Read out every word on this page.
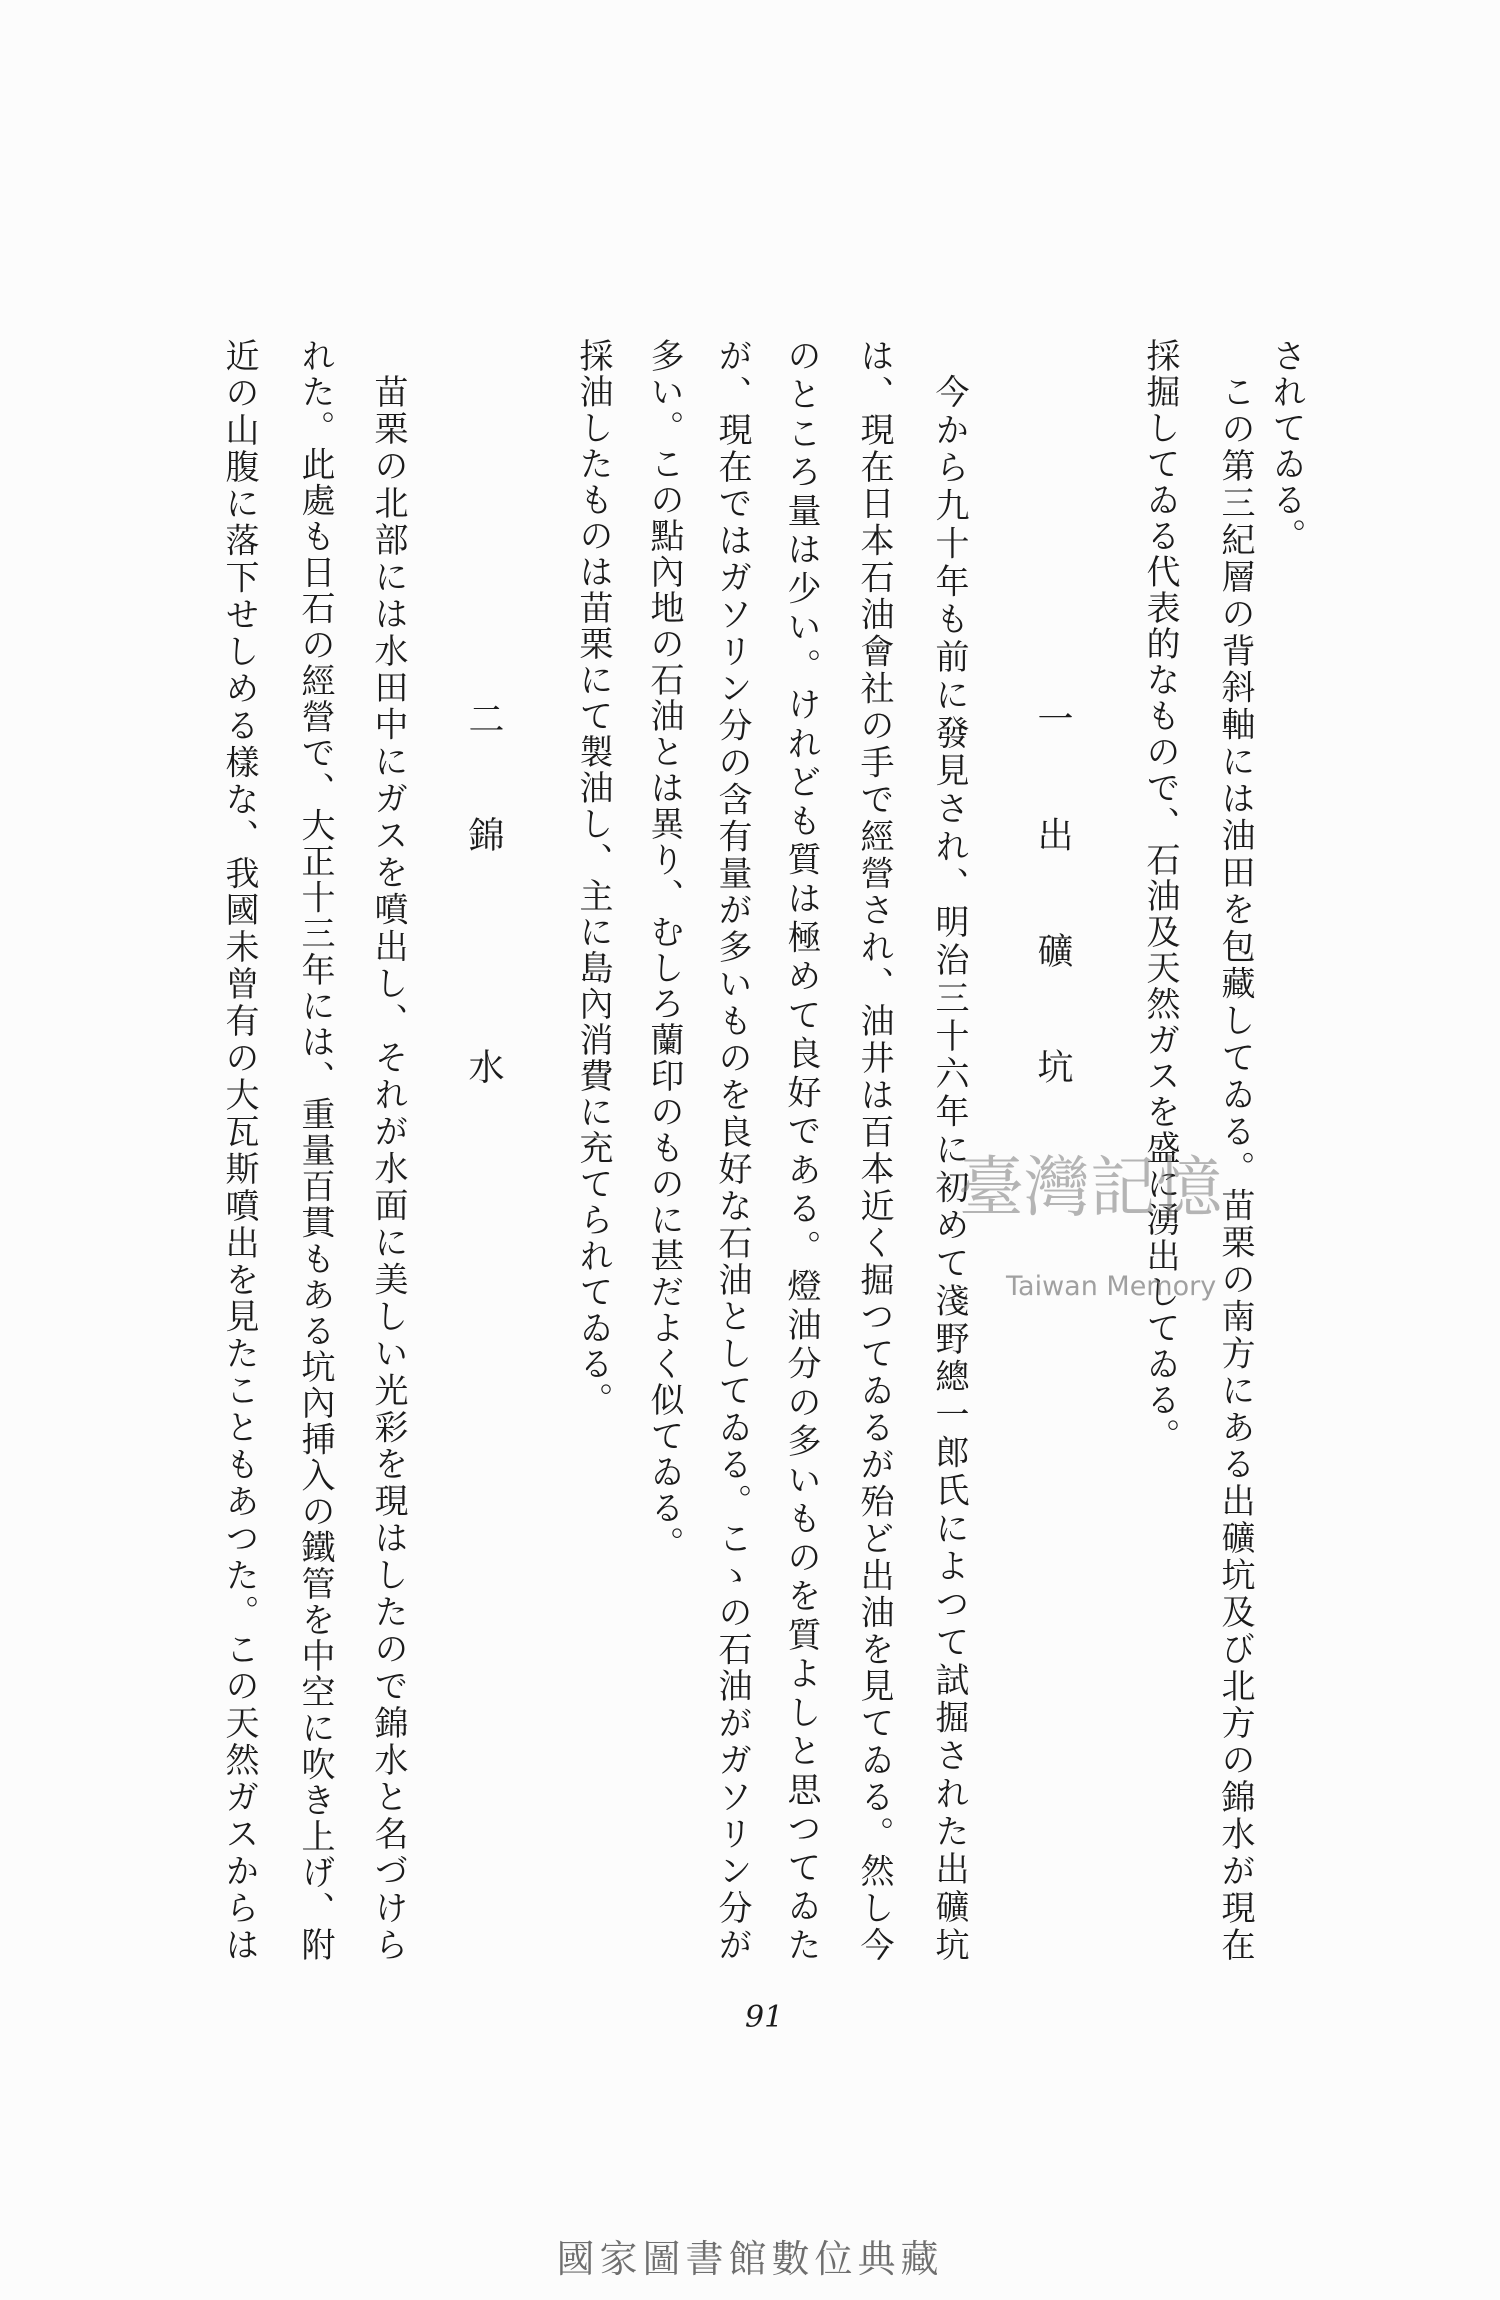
されてゐる。
この第三紀層の背斜軸には油田を包藏してゐる。苗栗の南方にある出礦坑及び北方の錦水が現在
採掘してゐる代表的なもので、石油及天然ガスを盛に湧出してゐる。
一　出　礦　坑
今から九十年も前に發見され、明治三十六年に初めて淺野總一郎氏によつて試掘された出礦坑
は、現在日本石油會社の手で經營され、油井は百本近く掘つてゐるが殆ど出油を見てゐる。然し今
のところ量は少い。けれども質は極めて良好である。燈油分の多いものを質よしと思つてゐた
が、現在ではガソリン分の含有量が多いものを良好な石油としてゐる。こゝの石油がガソリン分が
多い。この點內地の石油とは異り、むしろ蘭印のものに甚だよく似てゐる。
採油したものは苗栗にて製油し、主に島內消費に充てられてゐる。
二　錦　　　水
苗栗の北部には水田中にガスを噴出し、それが水面に美しい光彩を現はしたので錦水と名づけら
れた。此處も日石の經營で、大正十三年には、重量百貫もある坑內挿入の鐵管を中空に吹き上げ、附
近の山腹に落下せしめる樣な、我國未曾有の大瓦斯噴出を見たこともあつた。この天然ガスからは	臺灣記憶
Taiwan Memory
91
國家圖書館數位典藏
